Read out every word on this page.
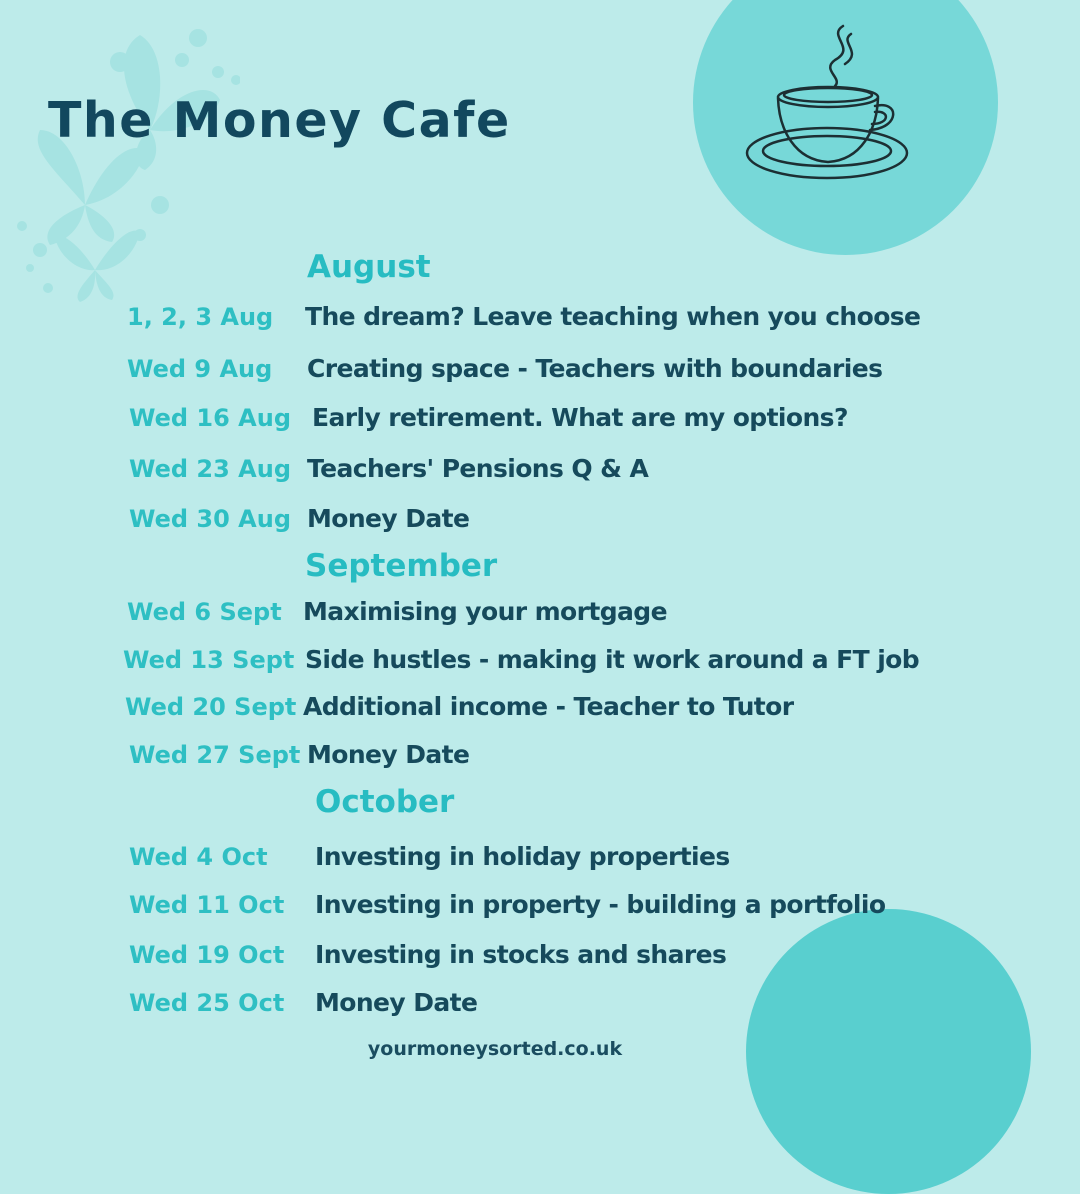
The Money Cafe
August
1, 2, 3 Aug The dream? Leave teaching when you choose
Wed 9 Aug Creating space - Teachers with boundaries
Wed 16 Aug Early retirement. What are my options?
Wed 23 Aug Teachers' Pensions Q & A
Wed 30 Aug Money Date
September
Wed 6 Sept Maximising your mortgage
Wed 13 Sept Side hustles - making it work around a FT job
Wed 20 Sept Additional income - Teacher to Tutor
Wed 27 Sept Money Date
October
Wed 4 Oct Investing in holiday properties
Wed 11 Oct Investing in property - building a portfolio
Wed 19 Oct Investing in stocks and shares
Wed 25 Oct Money Date
yourmoneysorted.co.uk
